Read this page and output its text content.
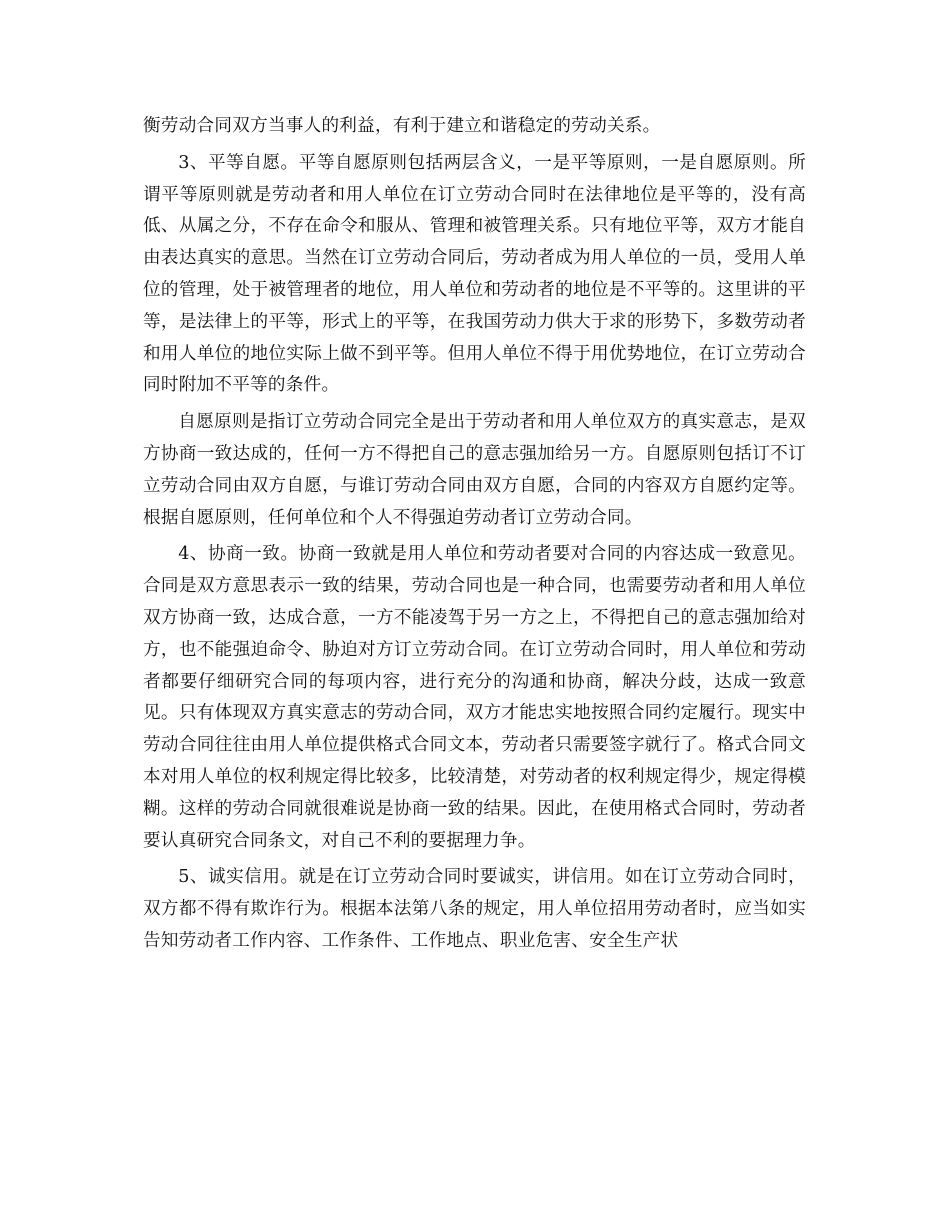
衡劳动合同双方当事人的利益，有利于建立和谐稳定的劳动关系。

3、平等自愿。平等自愿原则包括两层含义，一是平等原则，一是自愿原则。所谓平等原则就是劳动者和用人单位在订立劳动合同时在法律地位是平等的，没有高低、从属之分，不存在命令和服从、管理和被管理关系。只有地位平等，双方才能自由表达真实的意思。当然在订立劳动合同后，劳动者成为用人单位的一员，受用人单位的管理，处于被管理者的地位，用人单位和劳动者的地位是不平等的。这里讲的平等，是法律上的平等，形式上的平等，在我国劳动力供大于求的形势下，多数劳动者和用人单位的地位实际上做不到平等。但用人单位不得于用优势地位，在订立劳动合同时附加不平等的条件。

自愿原则是指订立劳动合同完全是出于劳动者和用人单位双方的真实意志，是双方协商一致达成的，任何一方不得把自己的意志强加给另一方。自愿原则包括订不订立劳动合同由双方自愿，与谁订劳动合同由双方自愿，合同的内容双方自愿约定等。根据自愿原则，任何单位和个人不得强迫劳动者订立劳动合同。

4、协商一致。协商一致就是用人单位和劳动者要对合同的内容达成一致意见。合同是双方意思表示一致的结果，劳动合同也是一种合同，也需要劳动者和用人单位双方协商一致，达成合意，一方不能凌驾于另一方之上，不得把自己的意志强加给对方，也不能强迫命令、胁迫对方订立劳动合同。在订立劳动合同时，用人单位和劳动者都要仔细研究合同的每项内容，进行充分的沟通和协商，解决分歧，达成一致意见。只有体现双方真实意志的劳动合同，双方才能忠实地按照合同约定履行。现实中劳动合同往往由用人单位提供格式合同文本，劳动者只需要签字就行了。格式合同文本对用人单位的权利规定得比较多，比较清楚，对劳动者的权利规定得少，规定得模糊。这样的劳动合同就很难说是协商一致的结果。因此，在使用格式合同时，劳动者要认真研究合同条文，对自己不利的要据理力争。

5、诚实信用。就是在订立劳动合同时要诚实，讲信用。如在订立劳动合同时，双方都不得有欺诈行为。根据本法第八条的规定，用人单位招用劳动者时，应当如实告知劳动者工作内容、工作条件、工作地点、职业危害、安全生产状
